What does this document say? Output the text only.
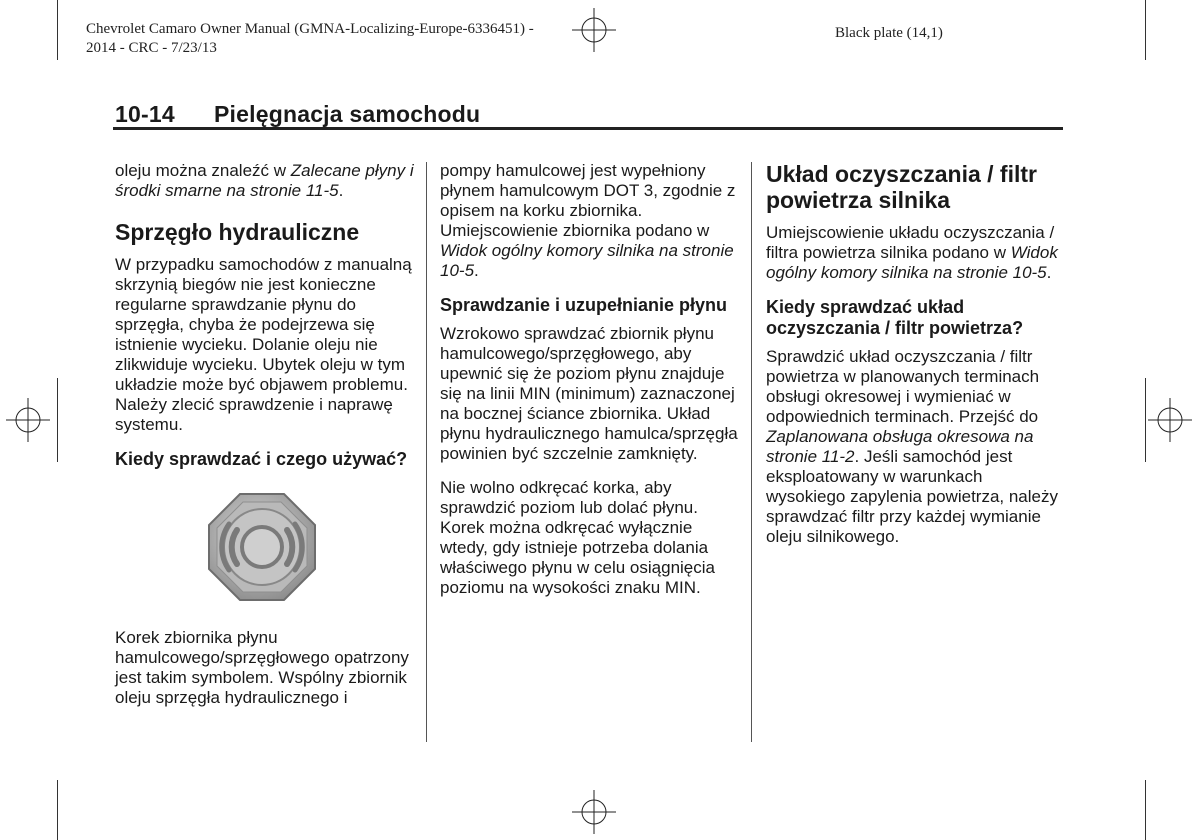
Chevrolet Camaro Owner Manual (GMNA-Localizing-Europe-6336451) -
2014 - CRC - 7/23/13
Black plate (14,1)
10-14 Pielęgnacja samochodu

oleju można znaleźć w Zalecane płyny i środki smarne na stronie 11-5.

Sprzęgło hydrauliczne

W przypadku samochodów z manualną skrzynią biegów nie jest konieczne regularne sprawdzanie płynu do sprzęgła, chyba że podejrzewa się istnienie wycieku. Dolanie oleju nie zlikwiduje wycieku. Ubytek oleju w tym układzie może być objawem problemu. Należy zlecić sprawdzenie i naprawę systemu.

Kiedy sprawdzać i czego używać?

Korek zbiornika płynu hamulcowego/sprzęgłowego opatrzony jest takim symbolem. Wspólny zbiornik oleju sprzęgła hydraulicznego i

pompy hamulcowej jest wypełniony płynem hamulcowym DOT 3, zgodnie z opisem na korku zbiornika. Umiejscowienie zbiornika podano w Widok ogólny komory silnika na stronie 10-5.

Sprawdzanie i uzupełnianie płynu

Wzrokowo sprawdzać zbiornik płynu hamulcowego/sprzęgłowego, aby upewnić się że poziom płynu znajduje się na linii MIN (minimum) zaznaczonej na bocznej ściance zbiornika. Układ płynu hydraulicznego hamulca/sprzęgła powinien być szczelnie zamknięty.

Nie wolno odkręcać korka, aby sprawdzić poziom lub dolać płynu. Korek można odkręcać wyłącznie wtedy, gdy istnieje potrzeba dolania właściwego płynu w celu osiągnięcia poziomu na wysokości znaku MIN.

Układ oczyszczania / filtr powietrza silnika

Umiejscowienie układu oczyszczania / filtra powietrza silnika podano w Widok ogólny komory silnika na stronie 10-5.

Kiedy sprawdzać układ oczyszczania / filtr powietrza?

Sprawdzić układ oczyszczania / filtr powietrza w planowanych terminach obsługi okresowej i wymieniać w odpowiednich terminach. Przejść do Zaplanowana obsługa okresowa na stronie 11-2. Jeśli samochód jest eksploatowany w warunkach wysokiego zapylenia powietrza, należy sprawdzać filtr przy każdej wymianie oleju silnikowego.
